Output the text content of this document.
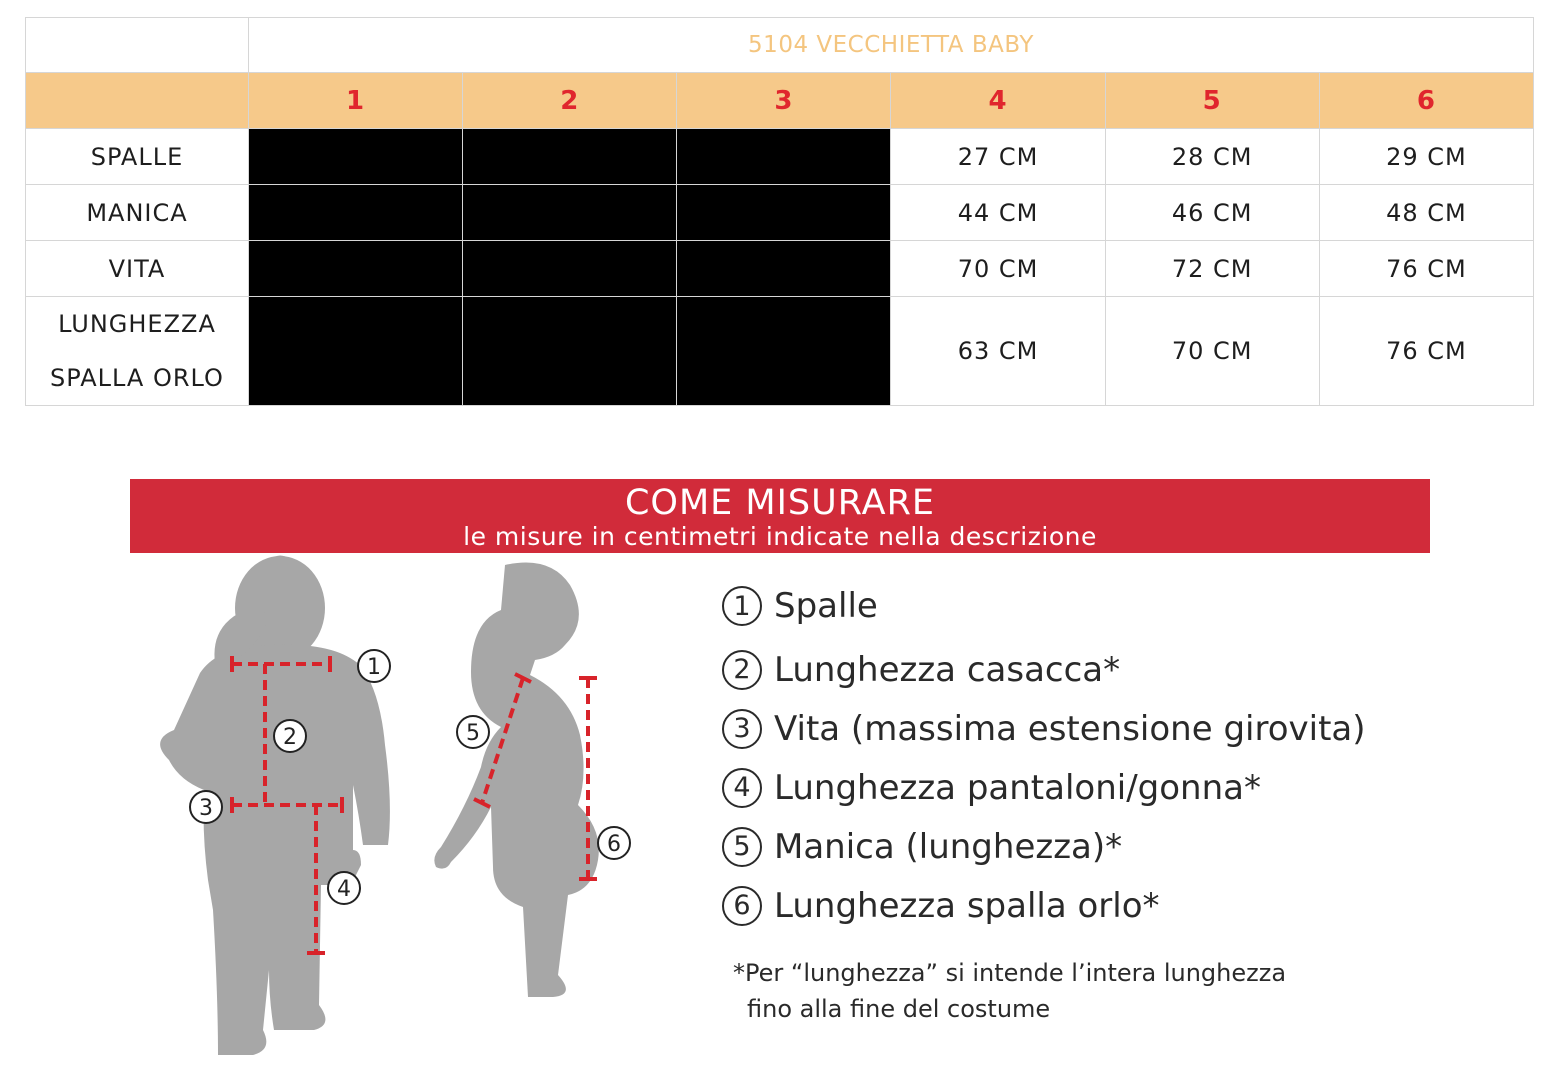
	5104 VECCHIETTA BABY					
	1	2	3	4	5	6
SPALLE				27 CM	28 CM	29 CM
MANICA				44 CM	46 CM	48 CM
VITA				70 CM	72 CM	76 CM
LUNGHEZZA
SPALLA ORLO				63 CM	70 CM	76 CM
COME MISURARE
le misure in centimetri indicate nella descrizione
1
2
3
4
5
6
1 Spalle
2 Lunghezza casacca*
3 Vita (massima estensione girovita)
4 Lunghezza pantaloni/gonna*
5 Manica (lunghezza)*
6 Lunghezza spalla orlo*
*Per “lunghezza” si intende l’intera lunghezza
fino alla fine del costume
